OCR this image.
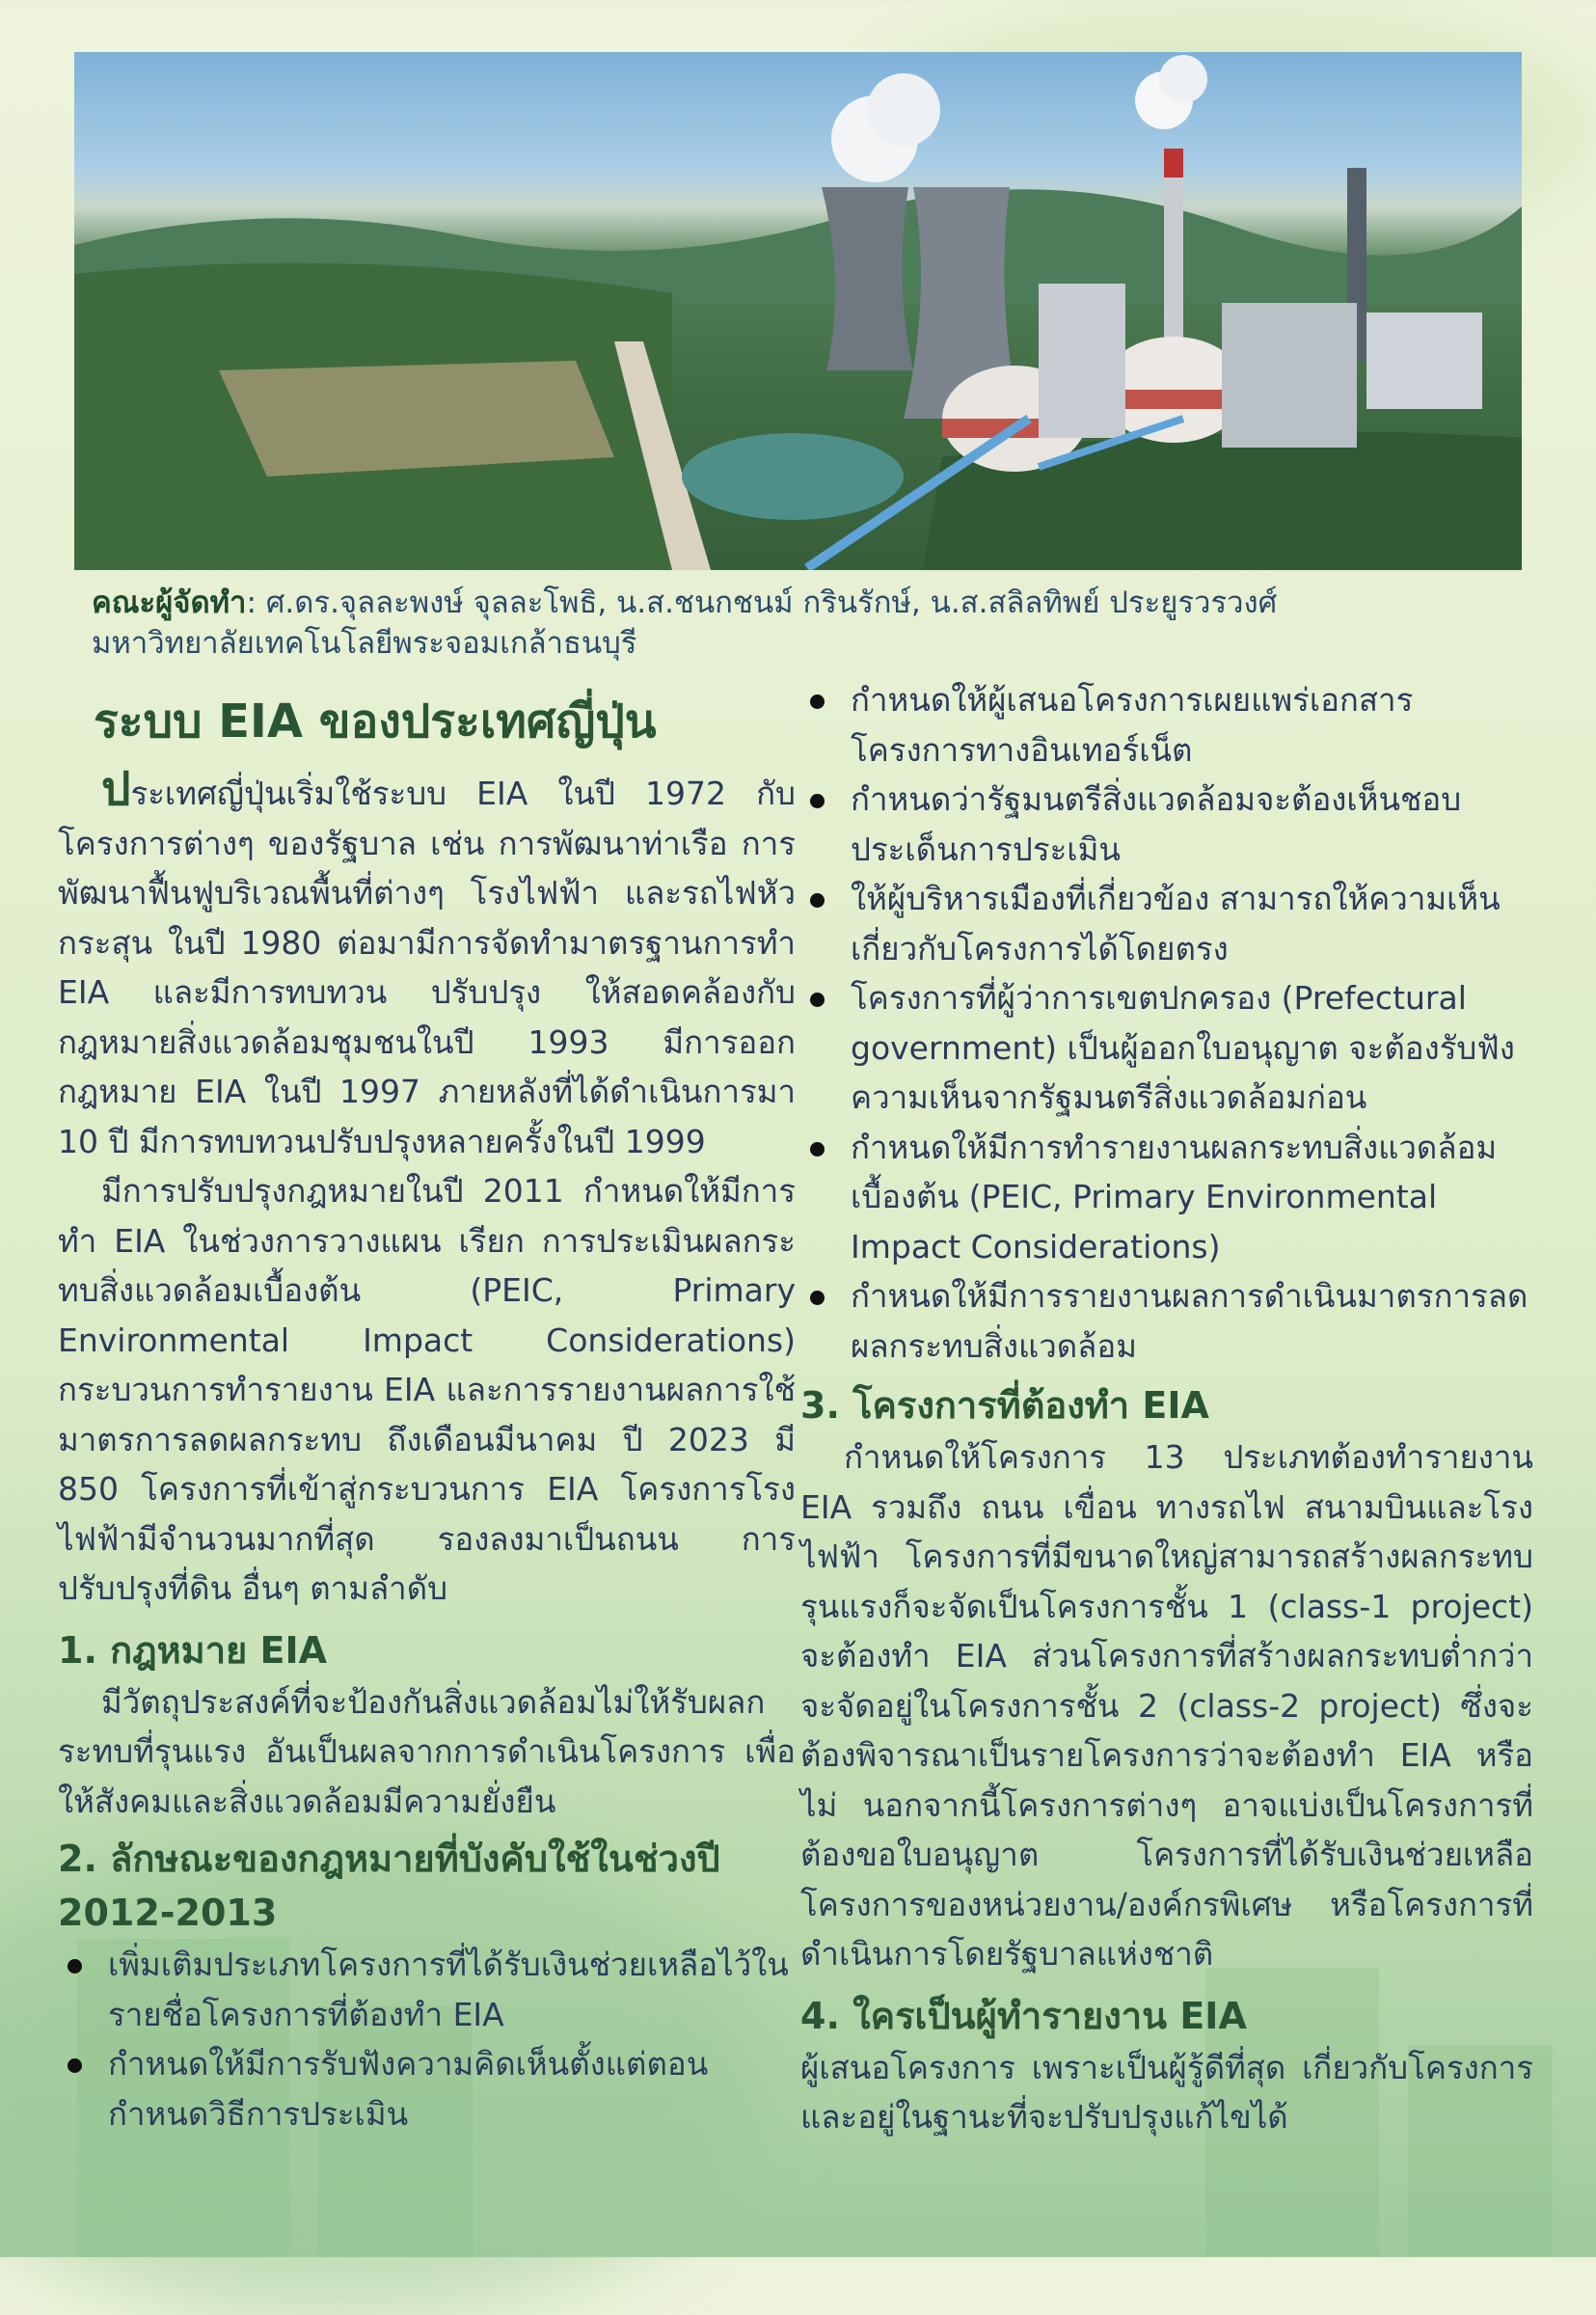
คณะผู้จัดทำ: ศ.ดร.จุลละพงษ์ จุลละโพธิ, น.ส.ชนกชนม์ กรินรักษ์, น.ส.สลิลทิพย์ ประยูรวรวงศ์
มหาวิทยาลัยเทคโนโลยีพระจอมเกล้าธนบุรี
ระบบ EIA ของประเทศญี่ปุ่น

ประเทศญี่ปุ่นเริ่มใช้ระบบ EIA ในปี 1972 กับโครงการต่างๆ ของรัฐบาล เช่น การพัฒนาท่าเรือ การพัฒนาฟื้นฟูบริเวณพื้นที่ต่างๆ โรงไฟฟ้า และรถไฟหัวกระสุน ในปี 1980 ต่อมามีการจัดทำมาตรฐานการทำ EIA และมีการทบทวน ปรับปรุง ให้สอดคล้องกับกฎหมายสิ่งแวดล้อมชุมชนในปี 1993 มีการออกกฎหมาย EIA ในปี 1997 ภายหลังที่ได้ดำเนินการมา 10 ปี มีการทบทวนปรับปรุงหลายครั้งในปี 1999

มีการปรับปรุงกฎหมายในปี 2011 กำหนดให้มีการทำ EIA ในช่วงการวางแผน เรียก การประเมินผลกระทบสิ่งแวดล้อมเบื้องต้น (PEIC, Primary Environmental Impact Considerations) กระบวนการทำรายงาน EIA และการรายงานผลการใช้มาตรการลดผลกระทบ ถึงเดือนมีนาคม ปี 2023 มี 850 โครงการที่เข้าสู่กระบวนการ EIA โครงการโรงไฟฟ้ามีจำนวนมากที่สุด รองลงมาเป็นถนน การปรับปรุงที่ดิน อื่นๆ ตามลำดับ

1. กฎหมาย EIA

มีวัตถุประสงค์ที่จะป้องกันสิ่งแวดล้อมไม่ให้รับผลกระทบที่รุนแรง อันเป็นผลจากการดำเนินโครงการ เพื่อให้สังคมและสิ่งแวดล้อมมีความยั่งยืน

2. ลักษณะของกฎหมายที่บังคับใช้ในช่วงปี 2012-2013
เพิ่มเติมประเภทโครงการที่ได้รับเงินช่วยเหลือไว้ในรายชื่อโครงการที่ต้องทำ EIA
กำหนดให้มีการรับฟังความคิดเห็นตั้งแต่ตอนกำหนดวิธีการประเมิน
กำหนดให้ผู้เสนอโครงการเผยแพร่เอกสารโครงการทางอินเทอร์เน็ต
กำหนดว่ารัฐมนตรีสิ่งแวดล้อมจะต้องเห็นชอบประเด็นการประเมิน
ให้ผู้บริหารเมืองที่เกี่ยวข้อง สามารถให้ความเห็นเกี่ยวกับโครงการได้โดยตรง
โครงการที่ผู้ว่าการเขตปกครอง (Prefectural government) เป็นผู้ออกใบอนุญาต จะต้องรับฟังความเห็นจากรัฐมนตรีสิ่งแวดล้อมก่อน
กำหนดให้มีการทำรายงานผลกระทบสิ่งแวดล้อมเบื้องต้น (PEIC, Primary Environmental Impact Considerations)
กำหนดให้มีการรายงานผลการดำเนินมาตรการลดผลกระทบสิ่งแวดล้อม
3. โครงการที่ต้องทำ EIA

กำหนดให้โครงการ 13 ประเภทต้องทำรายงาน EIA รวมถึง ถนน เขื่อน ทางรถไฟ สนามบินและโรงไฟฟ้า โครงการที่มีขนาดใหญ่สามารถสร้างผลกระทบรุนแรงก็จะจัดเป็นโครงการชั้น 1 (class-1 project) จะต้องทำ EIA ส่วนโครงการที่สร้างผลกระทบต่ำกว่า จะจัดอยู่ในโครงการชั้น 2 (class-2 project) ซึ่งจะต้องพิจารณาเป็นรายโครงการว่าจะต้องทำ EIA หรือไม่ นอกจากนี้โครงการต่างๆ อาจแบ่งเป็นโครงการที่ต้องขอใบอนุญาต โครงการที่ได้รับเงินช่วยเหลือ โครงการของหน่วยงาน/องค์กรพิเศษ หรือโครงการที่ดำเนินการโดยรัฐบาลแห่งชาติ

4. ใครเป็นผู้ทำรายงาน EIA

ผู้เสนอโครงการ เพราะเป็นผู้รู้ดีที่สุด เกี่ยวกับโครงการและอยู่ในฐานะที่จะปรับปรุงแก้ไขได้
